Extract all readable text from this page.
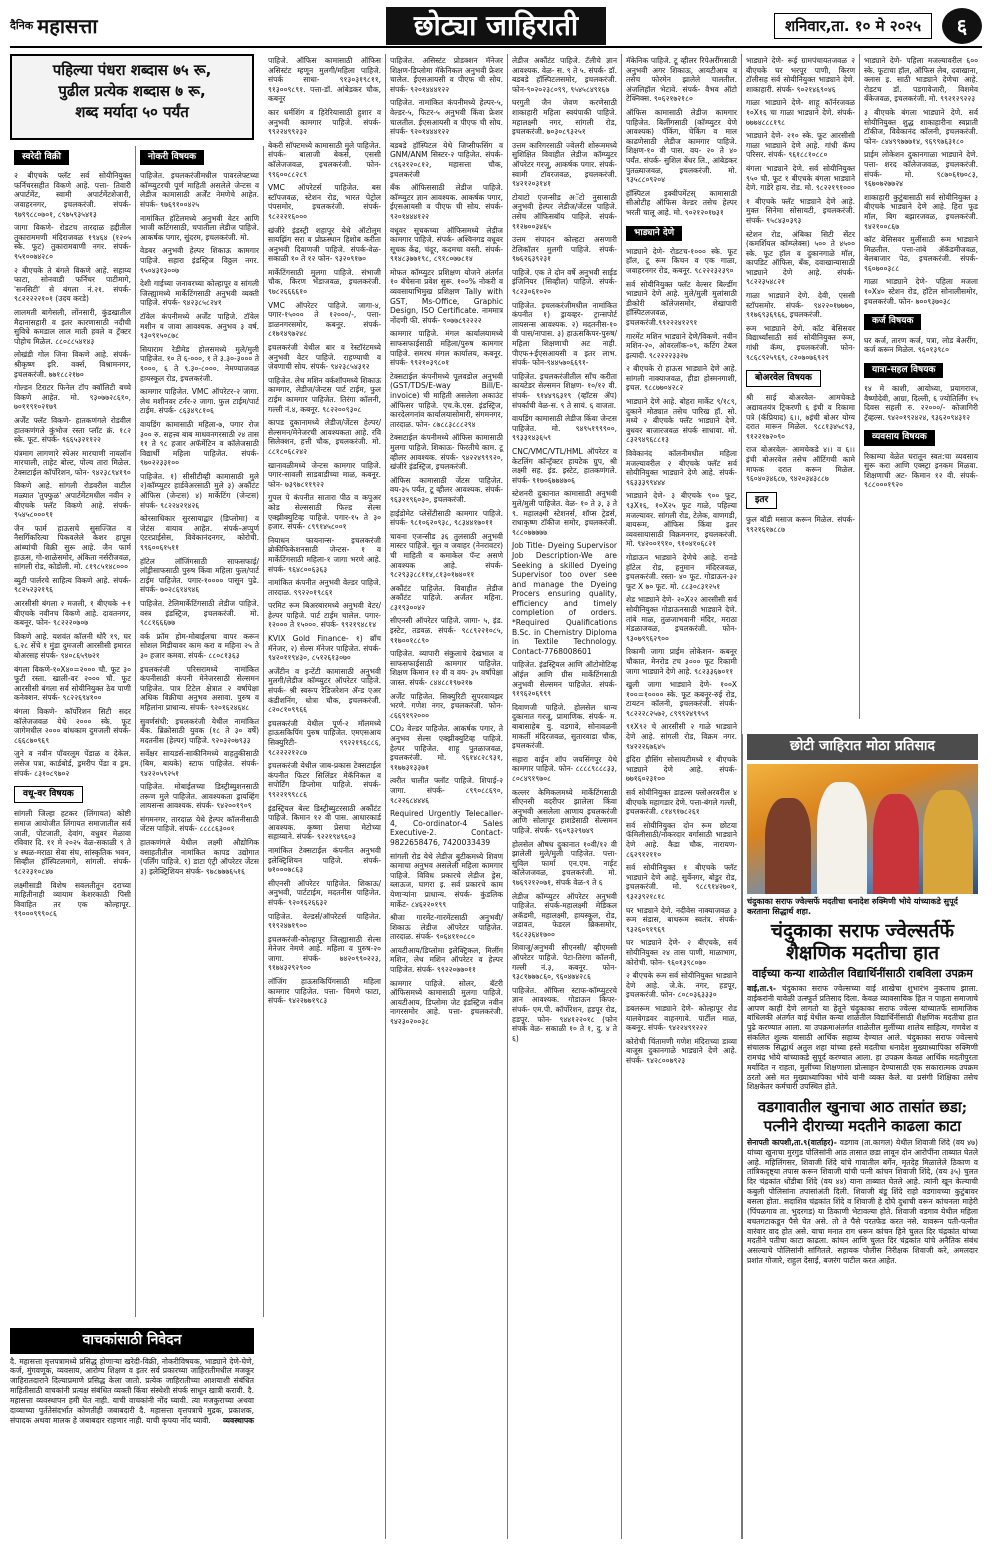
दैनिक महासत्ता	छोट्या जाहिराती	शनिवार,ता. १० मे २०२५	६
पहिल्या पंधरा शब्दास ७५ रू,
पुढील प्रत्येक शब्दास ७ रू,
शब्द मर्यादा ५० पर्यंत
स्वरेदी विक्री
२ बीएचके फ्लॅट सर्व सोयीनियुक्त फर्निचरसहीत विकणे आहे. पत्ता- तिवारी अपार्टमेंट, स्वामी अपार्टमेंटशेजारी, जवाहरनगर, इचलकरंजी. संपर्क- ९७९९८८०७०१, ८९७५९३५४१३
जागा विकणे- रोडटच तारदाळ हद्दीतील तुकाराममणी मंदिराजवळ १९४६४ (१२०५ स्के. फूट) तुकारामवाणी नगर. संपर्क- ९५१००७४२८०
२ बीएचके ते बंगले विकणे आहे. सहाय्य फाटा, सोनवाडी फर्निचर पाटीमागे, 'सनसिटी' से बंगला नं.२१. संपर्क- ९८२२२२२१०१ (उदय करडे)
लालमती बागेसली, लोंनसारी, कुंडखातील मैदानासहारी व इतर कारणासाठी नदीची सुविधे कमडाल लाल माती हवले व ट्रॅक्टर पोहोच मिळेल. ८८०८८५४१४३
लोखंडी गोल जिना विकणे आहे. संपर्क-श्रीकृष्ण इरि. वर्क्स, विश्रामनगर, इचलकरंजी. ७७१८८२१७०
गोल्डन टिराटर फिनेल टॉप क्वॉलिटी बच्चे विकणे आहेत. मो. ९३०७७२८६१०, ७०११९१०२१७९
अर्जेंट फ्लॅट विकणे- हातकणंगले रोडवील हातकणंगले कुंभोज रस्ता प्लॉट क्रं. १८२ स्के. फूट. संपर्क- ९६६५३२११२२
यंत्रमाग लागणारे स्पेअर मारचाणी नायलॉन मारचाली, ताहेट बोल्ट, पोल्व तारा मिळेल. टेक्सटाईल कॉर्पोरेशन, फोन- ९४२३८९४१९०
विकणे आहे. सांगली रोडवरील वाटील मळ्यात 'तुफ्फुळ' अपार्टमेंटमधील नवीन २ बीएचके फ्लॅट विकणे आहे. संपर्क- ९५४५८०००९१
जैन फार्म हाऊसचे सुसज्जित व नैसर्गिकरित्या पिकवलेले केशर हापूस आंब्यांची विक्री सुरू आहे. जैन फार्म हाऊस, गो-शाळेसमोर, अंकिता नर्सरीजवळ, सांगली रोड, कोडोली. मो. ८१९८५१४८०००
ब्युटी पार्लरचे साहित्य विकणे आहे. संपर्क- ९८२५२३२१९६
आरसीसी बंगला २ मजली, १ बीएचके +१ बीएचके नवीनच विकणे आहे. दावतनगर, कबनूर. फोन- ९८२२२०७०७
विकणे आहे. यशवंत कॉलनी थोरै १९, घर ६.२८ सेंचे १ मुंडा दुमजली आरसीसी इमारत बोअरसह संपर्क- ९४०८६५९७२१
बंगला विकणे-१०X४०=२००० चौ. फूट ३० फूटी रस्ता. खाली-वर २००० चौ. फूट आरसीसी बंगला सर्व सोयीनियुक्त ठेव पाणी कनेक्शन. संपर्क- ९८२२६९४१००
बंगला विकणे- कॉर्पोरेशन सिटी सदर कॉलेजजवळ येथे २००० स्के. फूट जागेमधील २००० बांधकाम दुमजली संपर्क- ८६६८७०९६९
जुने व नवीन पॉवरलूम पेंडाळ व देकेल. लसेज पत्रा, कार्डबोर्ड, ड्रमरीप पेंडा व ड्रम. संपर्क- ८३१०८९७०२
वधू-वर विषयक
सांगली जिल्हा हटकर (लिंगायत) कोष्टी समाज आयोजीत लिंगायत समाजातील सर्व जाती, पोटजाती, देवांग, वधुवर मेळावा रविवार दि. ११ मे २०२५ वेळ-सकाळी ९ ते ४ स्थळ-मराठा सेवा संघ, सांस्कृतिक भवन, सिव्हील हॉस्पिटलमागे, सांगली. संपर्क- ९८२२३१०८४७
लक्ष्मीसाडी विशेष सवलतीतून दराच्या माहितीनाही व्यायाम केशरकाठी पिसी विवाहित तर एक कोल्हापूर. ९९०००९९९०८६
नोकरी विषयक
पाहिजेत. इचलकरंजीमधील पावरलेफ्टच्या कॉम्प्युटरची पूर्ण माहिती असलेले जेन्टस व लेडीज कामासाठी अर्जेंट नेमणेचे आहेत. संपर्क- ९७६९१००४२५
नामांकित हॉटेलमध्ये अनुभवी वेटर आणि भाजी कटिंगसाठी, चपातीला लेडीज पाहिजे. आकर्षक पगार, सुंदरम, इचलकरंजी. मो.
वेडबर अनुभवी हेल्पर शिकाऊ कामगार पाहिजे. सहारा इंडस्ट्रिज विठ्ठल नगर. ९५०४३१३००७
देशी गाईच्या जनावरच्या कोल्हापूर व सांगली जिल्ह्यामध्ये मार्केटिंगसाठी अनुभवी व्यक्ती पाहिजे. संपर्क- ९४२३८५८२४१
टॉवेल कंपनीमध्ये अर्जेंट पाहिजे. टॉवेल मशीन व जावा आवश्यक. अनुभव ३ वर्ष. ९३०९१५०८७८
सियाराम रेडीमेड होलसमध्ये मुले/मुली पाहिजेत. १० ते ६-०००, १ ते ३.३०-३००० ते ९०००, ६ ते ९.३०-८०००. नेमण्याजवळ हायस्कूल रोड, इचलकरंजी.
कामगार पाहिजेत. VMC ऑपरेटर-२ जागा. लेथ मशीनवर टर्नर-२ जागा. फुल टाईम/पार्ट टाईम. संपर्क- ८६३४९८१०६
वायडिंग कामासाठी महिला-७, पगार रोज ३०० रु. सहत्त्व बाब माधवनगरसाठी २४ तास ११ ते ९८ हजार अफॅर्मेटिन व कॉलेजसाठी विद्यार्थी महिला पाहिजेत. संपर्क- ९७०२२३३१००
पाहिजेत. १) सीसीटीव्ही कामासाठी मुले २)कॉम्प्युटर हार्डवेअरसाठी मुले ३) अकौंटंट ऑफिस (जेन्टस) ४) मार्केटिंग (जेन्टस) संपर्क- ९८२२४२१४२६
कोरसाधिकार सुरसायाद्वार (डिप्लोमा) व जेटंस वायाव आहेत. संपर्क-अप्पुर्ण एंटरप्राईसेस, विवेकानंदनगर, कोरोची. ९९६००६१५११
हॉटेल लॉजिंगसाठी साफसफाई/ लॉड्रीसाफसाठी पुरुष किंवा महिला फुल/पार्ट टाईम पाहिजेत. पगार-१०००० पासून पुढे. संपर्क- ७०२८६१४९४६
पाहिजेत. टेलिमार्केटिंगसाठी लेडीज पाहिजे. वस्त्र इंडस्ट्रिज, इचलकरंजी. मो. ९८८१६६६७७
वर्क फ्रॉम होम-मोबाईलचा वापर करून सोशल मिडीयावर काम करा व महिना २५ ते ३० हजार कमवा. संपर्क- ८८०८१३६३
इचलकरंजी परिसरामध्ये नामांकित कंपनीसाठी कंपनी मेनेजरसाठी सेल्समन पाहिजेत. पात्र टिटेल क्षेत्रात २ वर्षापेक्षा अधिक विक्रीचा अनुभव असावा. पुरुष व महिलांना प्राधान्य. संपर्क- ९२०१६२४६४८
सुवर्णसंधी: इचलकरंजी येथील नामांकित बँक. ब्रिक्रोसाठी युवक (१८ ते ३० वर्षे) मदतनीस (हेल्पर) पाहिजे. ९२०३२०७९३३
सर्वेक्षर सायडर्स-साकीनिमध्ये वाहतुकीसाठी (बिम, बायके) स्टाफ पाहिजेत. संपर्क- ९४२२०५९२५१
पाहिजेत. मोबाईलच्या डिस्ट्रीब्युशनसाठी तरूण मुले पाहिजेत. आवश्यकता ड्रायव्हिंग लायसन्स आवश्यक. संपर्क- ९४२००१९०९
संगमनगर, तारदाळ येथे हेल्पर कॉलनीसाठी जेंटस पाहिजे. संपर्क- ८८८८६३००१
हातकणंगले येथील लक्ष्मी औद्योगिक वसाहतीतील नामांकित कापड उद्योगात (पर्लिंग पाहिजे. १) डाटा एंट्री ऑपरेटर जेंटस ३) इलेक्ट्रिशियन संपर्क- ९७८७७७६५१६
पाहिजे. ऑफिस कामासाठी ऑफिस असिस्टंट म्हणून मुलगी/महिला पाहिजे. संपर्क साधा- ९१३०३१९८११, ९१३००९८९१. पत्ता-डॉ. आंबेडकर चौक, कबनूर
कार धर्मशिंग व हिरेरियासाठी हुशार व अनुभवी कामगार पाहिजे. संपर्क- ९९२२४९९२३२
बेकरी सॉफ्टमध्ये कामासाठी मुले पाहिजेत. संपर्क- बालाजी बेकर्स, एससी कॉलेजजवळ, इचलकरंजी. फोन- ९९६००८८२८९
VMC ऑपरेटर्स पाहिजेत. बस स्टॉपजवळ, स्टेशन रोड, भारत पेट्रोल पंपसमोर, इचलकरंजी. संपर्क- ९८२२२१६०००
खंजीरे इंडस्ट्री शहापूर येथे ऑटोलूम सायझिंग सरा व प्रोफ्रस्थान हिशोब करीता अनुभवी दिवाणजी पाहिजे. संपर्क-वेळ-सकाळी १० ते १२ फोन- ९३२०९१७०
मार्केटिंगसाठी मुलगा पाहिजे. संभाजी चौक, किरण भेंडाजवळ, इचलकरंजी. ९७८२६६६६१०
VMC ऑपरेटर पाहिजे. जागा-४, पगार-१५००० ते १२०००/-, पत्ता- डाळनगरसमोर, कबनूर. संपर्क- ८१७१४९७२४८
इचलकरंजी येथील बार व रेस्टॉरंटमध्ये अनुभवी वेटर पाहिजे. राहण्याची व जेवणाची सोय. संपर्क- ९४२३८५४३१२
पाहिजेत. लेथ मशिन वर्कशॉपमध्ये शिकाऊ कामगार, लेडीज/जेन्टस पार्ट टाईम, फुल टाईम कामगार पाहिजेत. तिरंगा कॉलनी, गल्ली नं.४, कबनूर. ९८२२००९३०८
कापड दुकानामध्ये लेडीज/जेंटस हेल्पर/सेल्समन/मेनेजरची आवश्यकता आहे. रवि सिलेक्शन, हत्ती चौक, इचलकरंजी. मो. ८८१८०६८२४२
खानावळीमध्ये जेन्टस कामगार पाहिजे. पगार-सावली साडवाडीच्या माळ, कबनूर. फोन- ७३९७८११९२२
गुपल पे कंपनीत सातारा पीठ व कपुअर कोड सेल्ससाठी फिल्ड सेल्स एक्झीक्युटिव्ह पाहिजे. पगार-१५ ते ३० हजार. संपर्क- ८९९१४५८००१
नियाधन फायनान्स- इचलकरंजी ब्रोकीफिकेशनसाठी जेन्टस- १ व मार्केटिंगसाठी महिला-१ जागा भरणे आहे. संपर्क- ९६४८००६३६३
नामांकित कंपनीत अनुभवी वेल्डर पाहिजे. तारदाळ. ९९२२०१९८६१
परमिट रूम बिअरबारमध्ये अनुभवी वेटर/हेल्पर पाहिजे. पार्ट टाईम चालेल. पगार- १२००० ते १५०००. संपर्क- ९९२१९४८१४
KVIX Gold Finance- १) ब्रॉंच मॅनेजर, २) सेल्स मॅनेजर पाहिजेत. संपर्क- ९४२०११९४३०, ८५१२६१३०७०
अर्जेंटीन व इन्टेंटी कामासाठी अनुभवी मुलगी/लेडीज कॉम्प्युटर ऑपरेटर पाहिजे. संपर्क- श्री स्वरूप रेडिजरेशन ॲन्ड एअर कंडीशनिंग, धोत्रा चौक, इचलकरंजी. ८२०८१०९९६६
इचलकरंजी येथील पूर्ण-२ मॉलमध्ये हाऊसकिपिंग पुरुष पाहिजेत. एमएसआय सिक्युरिटी- ९९२२१९६८८६, ९८२२२२१२८७
इचलकरंजी येथील जाब-प्रकास टेक्सटाईल कंपनीत फिटर सिलिंडर मेकॅनिकल व सपोर्टिंग डिप्लोमा पाहिजे. संपर्क- ९९२२१९९८८६
इंडस्ट्रियल बेल्ट डिस्ट्रीब्युटरसाठी अकौंटंट पाहिजे. किमान १२ वी पास. आधारकार्ड आवश्यक. कृष्णा प्रेसचा मेटोच्या सहाय्याने. संपर्क- ९२२१९४९६०३
नामांकित टेक्सटाईल कंपनीत अनुभवी इलेक्ट्रिशियन पाहिजे. संपर्क- ७१०००७८६३
सीएनसी ऑपरेटर पाहिजेत. शिकाऊ/अनुभवी, पार्टटाईम, मदतनीस पाहिजेत. संपर्क- ९२०१६२६६३२
पाहिजेत. वेल्डर्स/ऑपरेटर्स पाहिजेत. ९१९२४७१९००
इचलकरंजी-कोल्हापूर जिल्ह्यासाठी सेल्स मेनेजर नेमणे आहे. महिला व पुरुष-२० जागा. संपर्क- ७४२०९९०२२३, ९१७४३२९२९००
लॉजिंग हाऊसकिपिंगसाठी महिला कामगार पाहिजेत. पत्ता- चिमणे फाटा, संपर्क- ९४२२७७१९८३
पाहिजेत. असिस्टंट प्रोडक्शन मॅनेजर शिक्षण-डिप्लोमा मॅकेनिकल अनुभवी फ्रेशर चालेल. ईएसआयसी व पीएफ ची सोय. संपर्क- ९२०१४४४१२२
पाहिजेत. नामांकित कंपनीमध्ये हेल्पर-५, वेल्डर-५, फिटर-५ अनुभवी किंवा फ्रेशर चालतील. ईएसआयसी व पीएफ ची सोय. संपर्क- ९२०१४४४१२२
बडबडे हॉस्पिटल येथे जिप्सीफसिंग व GNM/ANM सिस्टर-२ पाहिजेत. संपर्क- ८९६२१२०८१२, महासत्ता चौक, इचलकरंजी
बँक ऑफिससाठी लेडीज पाहिजे. कॉम्प्युटर ज्ञान आवश्यक. आकर्षक पगार, ईएसआयसी व पीएफ ची सोय. संपर्क- ९२०१४४४१२२
वधूवर सूचकच्या ऑफिसमध्ये लेडीज कामगार पाहिजे. संपर्क- अश्विनगड वधूवर सूचक केंद्र, चंदूर, कदमचा वस्ती. संपर्क- ९१४८३७७१९८, ८९१८०७७८१४
मोफत कॉम्प्युटर प्रशिक्षण योजने अंतर्गत १० बॅचेसना प्रवेश सुरू. १००% नोकरी व व्यवसायाभिमुख प्रशिक्षण Tally with GST, Ms-Office, Graphic Design, ISO Certificate. नाममात्र नोंदणी फी. संपर्क- ९०७७८९२२२२
कामगार पाहिजे. मंगल कार्यालयामध्ये साफसफाईसाठी महिला/पुरुष कामगार पाहिजे. समरथ मंगल कार्यालय, कबनूर. संपर्क- ९९२१०३९८०१
टेक्सटाईल कंपनीमध्ये पूलवडोल अनुभवी (GST/TDS/E-way Bill/E-invoice) ची माहिती असलेला अकाउंट ऑफिसर पाहिजे. एच.के.एस. इंडस्ट्रिज, कारदेलगनांव कार्यालयासोमारी, संगमनगर, तारदाळ. फोन- ८७८८३८८८२९४
टेक्सटाईल कंपनीमध्ये ऑफिस कामासाठी मुलगा पाहिजे. शिकाऊ- फिरतीचे काम. टू व्हीलर आवश्यक. संपर्क- ९४२२४९९९२०, खंजीरे इंडस्ट्रिज, इचलकरंजी.
ऑफिस कामासाठी जेंटस पाहिजेत. वय-३५ पर्यंत, टू व्हीलर आवश्यक. संपर्क- ९६३२१९६०३०, इचलकरंजी.
हाईडोमेट प्लेसेंटीसाठी कामगार पाहिजे. संपर्क- ९८१०६२०९३८, ९८३४४१७०११
चावना एजन्सीड ३६ तुलसाठी अनुभवी मास्टर पाहिजे. सूत व जवाहर (नेनरावटर) ची माहिती व कमाकेल पॅन्ट असणे आवश्यक आहे. संपर्क- ९८२९३३८८११४,८१३०१७४०११
अकौंटंट पाहिजेत. विवाहीत लेडीज अकौंटंट पाहिजे. अर्जंतर महिना. ८३१९३००४२
सीएनसी ऑपरेटर पाहिजे. जागा- ५, इंड. इस्टेट, तडवळ. संपर्क- ९८८९२२१०८५, ९१७००१८८९०
पाहिजेत. व्यापारी संकुलाचे देखभाल व साफसफाईसाठी कामगार पाहिजेत. शिक्षण किमान १२ वी व वय- ३५ वर्षांपेक्षा जास्त. संपर्क- ८४४८८१९७२१७
अर्जेंट पाहिजेत. सिक्युरिटी सुपरवायझर भरणे. गणेश नगर, इचलकरंजी. फोन- ८६६९१९२०००
CO₂ वेल्डर पाहिजेत. आकर्षक पगार, ते अनुभव सेल्स एक्झीक्युटिव्ह पाहिजे. हेल्पर पाहिजेत. शाहू पुतळाजवळ, इचलकरंजी. मो. ९६१४८२८९३१, ९१७७३१३३७१
त्वरीत चालीत फ्लॉट पाहिजे. शिपाई-२ जागा. संपर्क- ८९९०८८६९०, ९८२२६८४४४६
Required Urgently Telecaller- 4, Co-ordinator-4 Sales Executive-2. Contact-9822658476, 7420033439
सांगली रोड येथे लेडीज बुटीकमध्ये शिवण कामाचा अनुभव असलेली महिला कामगार पाहिजे. विविध प्रकारचे लेडीज ड्रेस, ब्लाऊज, घागरा इ. सर्व प्रकारचे काम येणाऱ्यांना प्राधान्य. संपर्क- कुंडलिक मार्केट- ८४६२२०१९९
श्रीजा गारमेंट-गारमेंटसाठी अनुभवी/शिकाऊ लेडीज ऑपरेटर पाहिजेत. तारदाळ. संपर्क- ९०६४११०८८०
आयटीआय/डिप्लोमा इलेक्ट्रिकल, मिलींग मशिन, लेथ मशिन ऑपरेटर व हेल्पर पाहिजेत. संपर्क- ९९२२०७७०११
कामगार पाहिजे. सोलर, बॅटरी ऑफिसमध्ये कामासाठी मुलगा पाहिजे. आयटीआय, डिप्लोमा जेट इंडस्ट्रिज नवीन नागरसमोर आहे. पत्ता- इचलकरंजी. ९४२३०२००३८
लेडीज अकौंटंट पाहिजे. टॅलीचे ज्ञान आवश्यक. वेळ- स. ९ ते ५. संपर्क- डॉ. बडबडे हॉस्पिटलसमोर, इचलकरंजी. फोन-९०२०२३८०९९, ९५४५८४९१६७
घरगुती जैन जेवण करणेसाठी शाकाहारी महिला स्वयंपाकी पाहिजे. महालक्ष्मी नगर, सांगली रोड, इचलकरंजी. ७०३०८९३२५१
उत्तम कारिगरसाठी ज्वेलरी शोरूममध्ये सुशिक्षित विवाहीत लेडीज कॉम्प्युटर ऑपरेटर गरजू, आकर्षक पगार. संपर्क- स्वामी टॉवरजवळ, इचलकरंजी. ९४२१२०३१४१
टोयाटो एजन्सीड अॅटो नुसासाठी अनुभवी हेल्पर लेडीज/जेंटस पाहिजे. तसेच ऑफिसबॉय पाहिजे. संपर्क- ९१२७००३४६५
उत्तम संपादन कोल्हटा असणारी टेलिकॉलर मुलगी पाहिजे. संपर्क- ९७६२६३९२३१
पाहिजे. एक ते दोन वर्षे अनुभवी साईड इंजिनियर (सिव्हील) पाहिजे. संपर्क- ९८२३०६१०२०
पाहिजेत. इचलकरंजीमधील नामांकित कंपनीत १) ड्रायव्हर- ट्रान्सपोर्ट लायसन्स आवश्यक. २) मदतनीस-१० वी पास/नापास. ३) हाऊसकिपर-पुरुष/महिला शिक्षणाची अट नाही. पीएफ+ईएसआयसी व इतर लाभ. संपर्क- फोन-९४४५७०६६९१-
पाहिजेत. इचलकरंजीतील साँच करीता कायटेडर सेल्समन शिक्षण- १०/१२ वी. संपर्क- ९१४४९६३१९ (व्हॉटस ॲप) संपर्काची वेळ-स. ९ ते सायं. ६ वाजता.
वायडिंग कामासाठी लेडीज किंवा जेन्टस पाहिजेत. मो. ९४९५१९९९००, ९९३३१४३६५९
CNC/VMC/VTL/HML ऑपरेटर व केटलिंग कॉन्ट्रॅक्टर हायटेक ग्रुप, श्री लक्ष्मी सह. इंड. इस्टेट, हातकणंगले. संपर्क- ९१७०६७७४७०६
स्टेशनरी दुकानात कामासाठी अनुभवी मुले/मुली पाहिजेत. वेळ- १० ते ३, ३ ते ९. महालक्ष्मी स्टेशनर्स, शॉप्स ट्रेडर्स, राधाकृष्ण टॉकीज समोर, इचलकरंजी. ९८८०७७७७७
Job Title- Dyeing Supervisor Job Description-We are Seeking a skilled Dyeing Supervisor too over see and manage the Dyeing Procers ensuring quality, efficiency and timely completion of orders. *Required Qualifications B.Sc. in Chemistry Diploma in Textile Technology. Contact-7768008601
पाहिजेत. इंडस्ट्रियल आणि ऑटोमोटिव्ह ऑईल आणि ग्रीस मार्केटिंगसाठी अनुभवी सेल्समन पाहिजेत. संपर्क- ९१९६२०६९९९
दिवाणजी पाहिजे. होलसेल धान्य दुकानात गरजू, प्रामाणिक. संपर्क- म. बाबासाहेब यु. वडगावे, सोनावळनी माकर्ती मंदिरजवळ, सुतारवाडा चौक, इचलकरंजी.
सहारा वाईन शॉप जयसिंगपूर येथे कामगार पाहिजे. फोन- ८८८८९८८८३३, ८०८४९१९७०८
कल्लर केमिकलमध्ये मार्केटिंगसाठी सीएनसी वदरीपर झालेला किंवा अनुभवी असलेला आणाय इचलकरंजी आणि सोलापूर हाशडेसाठी सेल्समन पाहिजे. संपर्क- ९६०९३२९७४९
होलसेल औषध दुकानात १०वी/१२ वी झालेली मुले/मुली पाहिजेत. पत्ता-सुविल फार्मा एन.एम. नाईट कॉलेजजवळ, इचलकरंजी. मो. ९७६९२१२०७१, संपर्क वेळ-९ ते ६
लेडीज कॉम्प्युटर ऑपरेटर अनुभवी पाहिजेत. संपर्क-महालक्ष्मी मेडिकल अकॅडमी, महालक्ष्मी, हायस्कूल, रोड, जडावत, फेडरल ब्रिकसमोर, ९६८२३६४१७००
शिवाजू/अनुभवी सीएनसी/ व्हीएमसी ऑपरेटर पाहिजे. पेटा-तिरंगा कॉलनी, गल्ली नं.३, कबनूर. फोन- ९३८१७७७८६०, ९६०४७४२८६
पाहिजेत. ऑफिस स्टाफ-कॉम्प्युटरचे ज्ञान आवश्यक. गोडाऊन किपर- संपर्क- एम.पी. कॉर्पोरेशन, हडपूर रोड, हडपूर. फोन- ९४४१२२०१८ (फोन संपर्क वेळ- सकाळी १० ते १, दु. ४ ते ६)
मॅकेनिक पाहिजे. टू व्हीलर रिपेअरींगसाठी अनुभवी अगर शिकाऊ, आयटीआय व तसेच फोरमेन झालेले चालतील. अंजलिहॉल भेटावे. संपर्क- वैभव ऑटो टेक्निक्स. ९०६२१७२१८०
ऑफिस कामासाठी लेडीज कामगार पाहिजेत. बिलींगसाठी (कॉम्प्युटर येणे आवश्यक) पॅकिंग, चेकिंग व माल काढणेसाठी लेडीज कामगार पाहिजे. शिक्षण-१० वी पास. वय- २० ते ४० पर्यंत. संपर्क- सुशिल बेंधर लि., आंबेडकर पुतळ्याजवळ, इचलकरंजी. मो. ९३५८८०९२०४
हॉस्पिटल इक्वीपमेंटस् कामासाठी सीओटीह ऑफिस वेल्डर तसेच हेल्पर भरती चालू आहे. मो. ९०२१२०१७३१
भाड्याने देणे
भाड्याने देणे- रोडटच-१००० स्के. फूट हॉल, टू रूम किचन व एक गाळा, जवाहरनगर रोड, कबनूर. ९८२२२३२३९०
सर्व सोयीनियुक्त फ्लॅट वेल्सर बिल्डींग भाड्याने देणे आहे. मुले/मुली मुलांसाठी डीकोरी कॉलेजसमोर, शेखापारी हॉस्पिटलजवळ, इचलकरंजी.९९२२२४१२९१
गारमेंट मशिन भाड्याने देणे/विकणे. नवीन मशिन-२०, ओवरलॉक-०९, कटिंग टेबल इत्यादी. ९८२२२२३३२७
२ बीएचके रो हाऊस भाड्याने देणे आहे. सांगली नाक्याजवळ, हीडा होस्मनगाशी, इचल. ९८८७७०४२८२
भाड्याने देणे आहे. बोहरा मार्केट ९/१८९, दुकाने मोठ्यात तसेच पारिख हॉ. सो. मध्ये २ बीएचके फ्लॅट भाड्याने देणे. बुधवर बाजारजवळ संपर्क साधावा. मो. ८३२९४९६८८१३
विवेकानंद कॉलनीमधील महिला मजल्यावरील २ बीएचके फ्लॅट सर्व सोयीनियुक्त भाड्याने देणे आहे. संपर्क- ९६३३३९९४४४
भाड्याने देणे- ३ बीएचके ९०० फूट, ९३X१६, १०X२५ फूट गाळे, पहिल्या मजल्यावर. सांगली रोड, टेलेक, वाणगडी, बायरूम, ऑफिस किंवा इतर व्यवसायासाठी विक्रमनगर, इचलकरंजी. मो. ९४२००१९१०, ९१०४१०६८२१
गोडाऊन भाड्याने देणेचे आहे. रानडे हॉटेल रोड, हनुमान मंदिरजवळ, इचलकरंजी. रस्ता- ४० फूट. गोडाऊन-३२ फूट X ७० फूट. मो. ८८३०८३१२५१
शेड भाड्याने देणे- २०X२२ आरसीसी सर्व सोयीनियुक्त गोडाऊनसाठी भाड्याने देणे. तांबे माळ, तुळजाभवानी मंदिर, मराठा मंडळाजवळ, इचलकरंजी. फोन- ९३०७९९६२९००
रिकामी जागा प्राईम लोकेशन- कबनूर चौकात, मेनरोड टच ३००० फूट रिकामी जागा भाड्याने देणे आहे. ९८२३३६७०११
खुली जागा भाड्याने देणे- १००X १००=१०००० स्के. फूट कबनूर-रुई रोड, टायटन कॉलनी, इचलकरंजी. संपर्क- ९८२२२८२५७२, ८९९९२४९९५९
९१X९२ चे आरसीसी २ गाळे भाड्याने देणे आहे. सांगली रोड, विक्रम नगर. ९४२२२६७६४५
इंदिरा हौसिंग सोसायटीमध्ये १ बीएचके भाड्याने देणे आहे. संपर्क- ७७१६०२३१००
सर्व सोयीनियुक्त डाडल्स फ्लोअरवरील ४ बीएचके महागडार देणे. पत्ता-बंगले गल्ली, इचलकरंजी. ८१४९१७८२६१
सर्व सोयीनियुक्त दोन रूम छोटया फॅमिलीसाठी/नोकरदार वर्गासाठी भाड्याने देणे आहे. कैडा चौक, नारायण- ८६२९१२११०
सर्व सोयीनियुक्त १ बीएचके फ्लॅट भाड्याने देणे आहे. सुर्वेनगर, बोडुर रोड, इचलकरंजी. मो. ९८८९१४२७०१, ९३२३९२१८१८
घर भाड्याने देणे. नदीवेस नाक्याजवळ ३ रूम संडास, बाथरूम स्वतंत्र. संपर्क- ९३२६०९१९६९
घर भाड्याने देणे- २ बीएचके, सर्व सोयीनियुक्त २४ तास पाणी, माळाभाग, कोरोची. फोन- ९६०१३९८०७०
२ बीएचके रूम सर्व सोयीनियुक्त भाड्याने देणे आहे. जे.के. नगर, हडपूर, इचलकरंजी. फोन- ८०८०३६३३३०
डबलरूम भाड्याने देणे- कोल्हापूर रोड यालवेगडवर वाहनगावे. पार्टील माळ, कबनूर. संपर्क- ९४२२४९१२२२
कोरोची चिंतामणी गणेश मंदिराच्या डाव्या बाजूस दुकानगाळे भाड्याने देणे आहे. संपर्क- ९४२८००७९२३
भाड्याने देणे- रूई ग्रामपंचायतजवळ २ बीएचके घर भरपूर पाणी, किरण टॉलीसह सर्व सोयीनियुक्त भाड्याने देणे. शाकाहारी. संपर्क- ९०२१४६९०४६
गाळा भाड्याने देणे- शाहू कॉर्नरजवळ १०X१६ चा गाळा भाड्याने देणे. संपर्क- ७७७४८८८१९८
भाड्याने देणे- २१० स्के. फूट आरसीसी गाळा भाड्याने देणे आहे. गांधी कॅम्प परिसर. संपर्क- ९६१८८१०८८०
बंगला भाड्याने देणे. सर्व सोयीनियुक्त ९५० चौ. फूट १ बीएचके बंगला भाड्याने देणे. गाडेरे हाय. रोड. मो. ९८२२१९१०००
१ बीएचके फ्लॅट भाड्याने देणे आहे. मुक्त सिनेमा सोसायटी, इचलकरंजी. संपर्क- ९५८४३०३९३
स्टेशन रोड, अंबिका सिटी सेंटर (कमर्शियल कॉम्प्लेक्स) ५०० ते ४५०० स्के. फूट हॉल व दुकानगाळे मॉल, कापडिट ऑफिस, बँक, दवाखान्यासाठी भाड्याने देणे आहे. संपर्क- ९८२२३५४८२१
गाळा भाड्याने देणे. देवी, एससी स्टॉपसमोर. संपर्क- ९४२२०१७७७०, ९१७६९३६९६६, इचलकरंजी.
रूम भाड्याने देणे. कॉट बेसिसवर विद्यार्थ्यांसाठी सर्व सोयीनियुक्त रूम, गांधी कॅम्प, इचलकरंजी. फोन- ९८६८९२५९६९, ८२०७०७६९२९
बोअरवेल विषयक
श्री साई बोअरवेल- आमचेकडे अद्यावतयंत्र ट्रिकरणी ६ इंची व रिकामा पत्रे (कॅप्रियाद) ६।।, ७इंची बोअर योग्य दरात मारून मिळेल. ९८८१३४५८९३, ९१२२१७२०९०
राज बोअरवेल- आमचेकडे ४।। व ६।। इंची बोअरवेल तसेच ऑटिंगची कामे माफक दरात करून मिळेल. ९६०४०३४६८७, ९४२०३४३८८७
इतर
फुल बॉडी मसाज करून मिळेल. संपर्क- ९९२१६१७८८७
भाड्याने देणे- पहिला मजल्यावरील ६०० स्के. फूटाचा हॉल, ऑफिस लेब, दवाखाना, क्लास इ. साठी भाड्याने देणेचा आहे. रोडटच डॉ. पडगावेजारी, विशमेव बँकेजवळ, इचलकरंजी. मो. ९९२१२९२२३
३ बीएचके बंगला भाड्याने देणे. सर्व सोयीनियुक्त शुद्ध शाकाहारीना स्वप्नाती टॉकीज, विवेकानंद कॉलनी, इचलकरंजी. फोन- ८४४९९७७७१४, ९६९९७६३१८०
प्राईम लोकेशन दुकानगाळा भाड्याने देणे. पत्ता- शरद कॉलेजजवळ, इचलकरंजी. संपर्क- मो. ९८७०६१७०८३, ९६७०७२७७२४
शाकाहारी कुटुंबासाठी सर्व सोयीनियुक्त ३ बीएचके भाड्याने देणे आहे. हिरा फूड मॉल, बिग बझारजवळ, इचलकरंजी. ९४२१००८६७
कॉट बेसिसवर मुलींसाठी रूम भाड्याने मिळतील. पत्ता-तांबे ॲकॅडमीजवळ, बेलबाजार पेठ, इचलकरंजी. संपर्क- ९६०७००३८८
गाळा भाड्याने देणे- पहिला मजला १०X४० स्टेशन रोड, हॉटेल सोनालीसमोर, इचलकरंजी. फोन- ७००९३७०३८
कर्ज विषयक
घर कर्ज, तारण कर्ज, पत्रा, लोड बेअरींग, कर्ज करून मिळेल. ९६०१३९८०
यात्रा-सहल विषयक
१४ मे काशी, आयोध्या, प्रयागराज, वैष्णोदेवी, आग्रा, दिल्ली, ६ ज्योतिर्लिंग १५ दिवस सहली रु. २२०००/- कोजागिरी ट्रॅव्हल्स. ९४२०१९२४२४, ९३६२०९४३१२
व्यवसाय विषयक
रिकाम्या वेळेत घरातून स्वत:चा व्यवसाय सुरू करा आणि एक्स्ट्रा इनकम मिळवा. शिक्षणाची अट- किमान १२ वी. संपर्क- ९८८०००१९२०
छोटी जाहिरात मोठा प्रतिसाद
चंदुकाका सराफ ज्वेल्सर्फे मदतीचा धनादेश रुक्मिणी भोये यांच्याकडे सुपूर्द करताना सिद्धार्थ शहा.
चंदुकाका सराफ ज्वेल्सर्तर्फे शैक्षणिक मदतीचा हात
वाईच्या कन्या शाळेतील विद्यार्थिनींसाठी राबविला उपक्रम
वाई,ता.९- चंदुकाका सराफ ज्वेल्सच्या वाई शाखेचा शुभारंभ नुकताच झाला. वाईकरांनी यावेळी उत्स्फूर्त प्रतिसाद दिला. केवळ व्यावसायिक हित न पाहता समाजाचे आपण काही देणे लागतो या हेतूने चंदुकाका सराफ ज्वेल्स यांच्यातर्फे सामाजिक बांधिलकी अंतर्गत वाई येथील कन्या शाळेतील विद्यार्थिनींसाठी शैक्षणिक मदतीचा हात पुढे करण्यात आला. या उपक्रमाअंतर्गत शाळेतील मुलींच्या शालेय साहित्य, गणवेश व संकलित शुल्क यासाठी आर्थिक सहाय्य देण्यात आले. चंदुकाका सराफ ज्वेल्सचे संचालक सिद्धार्थ अतुल शहा यांच्या हस्ते मदतीचा धनादेश मुख्याध्यापिका रुक्मिणी रामचंद्र भोये यांच्याकडे सुपूर्द करण्यात आला. हा उपक्रम केवळ आर्थिक मदतीपुरता मर्यादित न राहता, मुलींच्या शिक्षणाला प्रोत्साहन देण्यासाठी एक सकारात्मक उपक्रम ठरतो असे मत मुख्याध्यापिका भोये यांनी व्यक्त केले. या प्रसंगी शिक्षिका तसेच शिक्षकेतर कर्मचारी उपस्थित होते.
वडगावातील खुनाचा आठ तासांत छडा; पत्नीने दीराच्या मदतीने काढला काटा
सेनापती कापशी,ता.९(वार्ताहर)- वडगाव (ता.कागल) येथील शिवाजी शिंदे (वय ४७) यांच्या खुनाचा मुरगुड पोलिसांनी आठ तासात छडा लावून दोन आरोपींना ताब्यात घेतले आहे. महिलिंगसर, शिवाजी शिंदे यांचे गावातील बर्गेन, मृतदेह मिळालेले ठिकाण व तांत्रिकदृष्ट्या तपास करून शिवाजी यांची पत्नी कांचन शिवाजी शिंदे, (वय ३५) चुलत दिर चंद्रकांत धोंडीबा शिंदे (वय ४४) याना ताब्यात घेतले आहे. त्यांनी खून केल्याची कबुली पोलिसांना तपासांअंती दिली. शिवाजी बंडू शिंदे राहो वडगावच्या कुटुंबावर बसला होता. सदाशिव चंद्रकांत शिंदे व शिवाजी हे दोघे दुधाची वरून कांचनला माहेरी (पिंपळगाव ता. भुदरगड) या ठिकाणी भेटावल्या होते. शिवाजी वडगाव येथील महिला बचतगटाकडून पैसे घेत असे. तो ते पैसे परतफेड करत नसे. यावरून पती-पत्नीत वारंवार वाद होत असे. याचा मनात राग धरून कांचन हिने चुलत दिर चंद्रकांत यांच्या मदतीने पतीचा काटा काढला. कांचन आणि चुलत दिर चंद्रकांत यांचे अनैतिक संबंध असल्याचे पोलिसांनी सांगितले. सहायक पोलीस निरीक्षक शिवाजी करे, अमलदार प्रशांत गोजारे, राहुल देसाई, बजरंग पाटील करत आहेत.
वाचकांसाठी निवेदन
दै. महासत्ता वृत्तपत्रामध्ये प्रसिद्ध होणाऱ्या खरेदी-विक्री, नोकरीविषयक, भाड्याने देणे-घेणे, कर्ज, मुंगवणूक, व्यवसाय, आरोग्य शिक्षण व इतर सर्व प्रकारच्या जाहिरातीमधील मजकूर जाहिरातदाराने दिल्याप्रमाणे प्रसिद्ध केला जातो. प्रत्येक जाहिरातीच्या आशयाशी संबंधित माहितीसाठी वाचकांनी प्रत्यक्ष संबंधित व्यक्ती किंवा संस्थेशी संपर्क साधून खात्री करावी. दै. महासत्ता व्यवस्थापन हमी घेत नाही. याची वाचकांनी नोंद घ्यावी. त्या मजकुराच्या अथवा दाव्याच्या पुर्ततेसंदर्भात कोणतीही जबाबदारी दै. महासत्ता वृत्तपत्राचे मुद्रक, प्रकाशक, संपादक अथवा मालक हे जबाबदार राहणार नाही. याची कृपया नोंद घ्यावी. व्यवस्थापक
